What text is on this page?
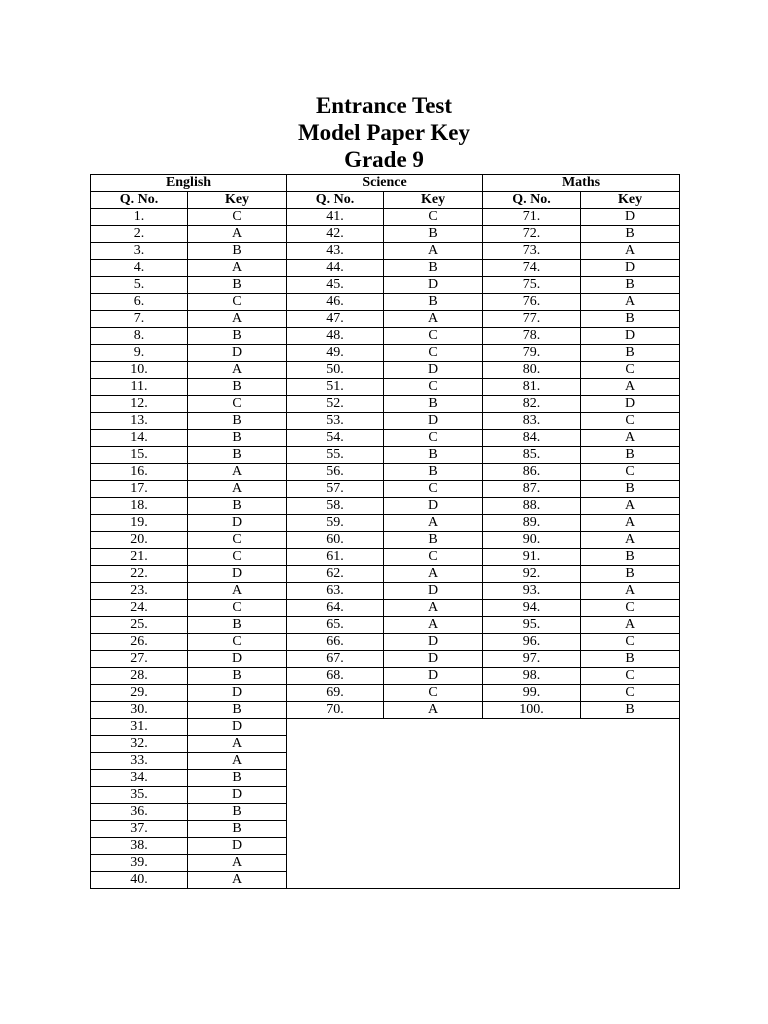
Entrance Test
Model Paper Key
Grade 9
English		Science		Maths	
Q. No.	Key	Q. No.	Key	Q. No.	Key
1.	C	41.	C	71.	D
2.	A	42.	B	72.	B
3.	B	43.	A	73.	A
4.	A	44.	B	74.	D
5.	B	45.	D	75.	B
6.	C	46.	B	76.	A
7.	A	47.	A	77.	B
8.	B	48.	C	78.	D
9.	D	49.	C	79.	B
10.	A	50.	D	80.	C
11.	B	51.	C	81.	A
12.	C	52.	B	82.	D
13.	B	53.	D	83.	C
14.	B	54.	C	84.	A
15.	B	55.	B	85.	B
16.	A	56.	B	86.	C
17.	A	57.	C	87.	B
18.	B	58.	D	88.	A
19.	D	59.	A	89.	A
20.	C	60.	B	90.	A
21.	C	61.	C	91.	B
22.	D	62.	A	92.	B
23.	A	63.	D	93.	A
24.	C	64.	A	94.	C
25.	B	65.	A	95.	A
26.	C	66.	D	96.	C
27.	D	67.	D	97.	B
28.	B	68.	D	98.	C
29.	D	69.	C	99.	C
30.	B	70.	A	100.	B
31.	D				
32.	A				
33.	A				
34.	B				
35.	D				
36.	B				
37.	B				
38.	D				
39.	A				
40.	A				
